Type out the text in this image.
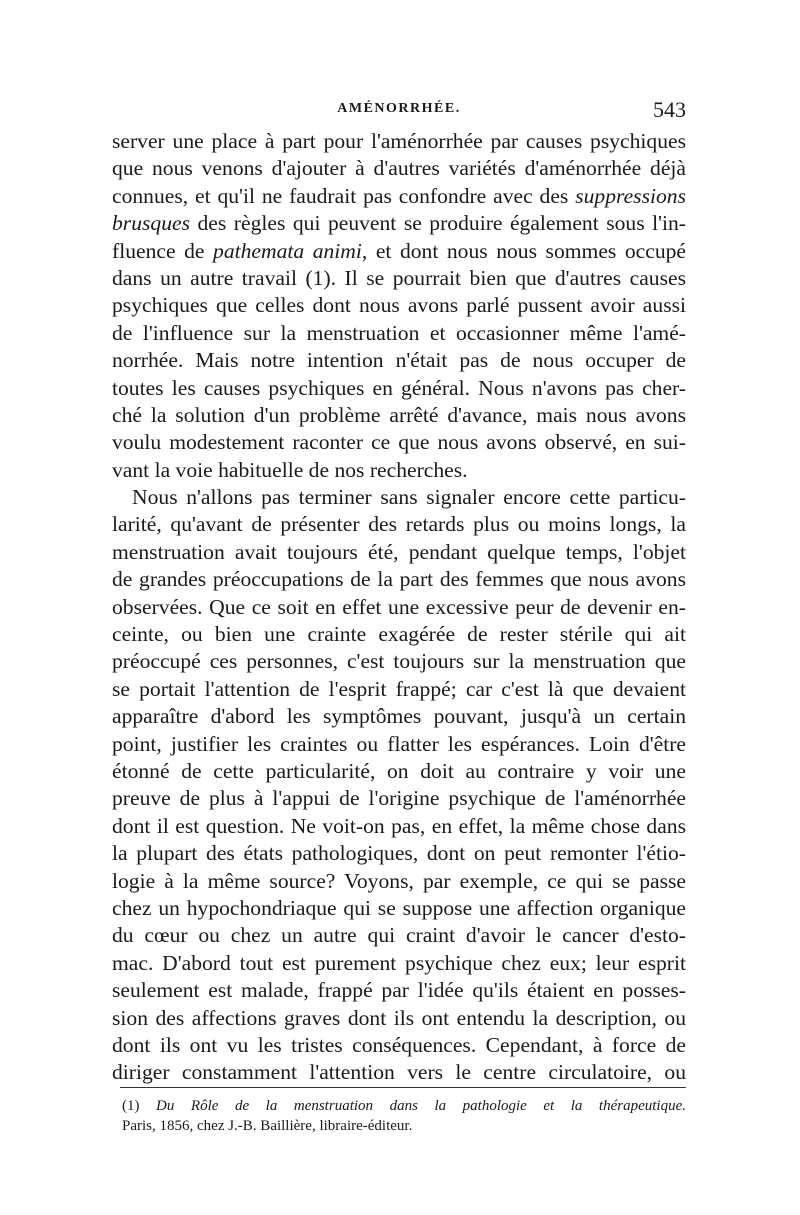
AMÉNORRHÉE.	543
server une place à part pour l'aménorrhée par causes psychiques
que nous venons d'ajouter à d'autres variétés d'aménorrhée déjà
connues, et qu'il ne faudrait pas confondre avec des suppressions
brusques des règles qui peuvent se produire également sous l'in-
fluence de pathemata animi, et dont nous nous sommes occupé
dans un autre travail (1). Il se pourrait bien que d'autres causes
psychiques que celles dont nous avons parlé pussent avoir aussi
de l'influence sur la menstruation et occasionner même l'amé-
norrhée. Mais notre intention n'était pas de nous occuper de
toutes les causes psychiques en général. Nous n'avons pas cher-
ché la solution d'un problème arrêté d'avance, mais nous avons
voulu modestement raconter ce que nous avons observé, en sui-
vant la voie habituelle de nos recherches.
Nous n'allons pas terminer sans signaler encore cette particu-
larité, qu'avant de présenter des retards plus ou moins longs, la
menstruation avait toujours été, pendant quelque temps, l'objet
de grandes préoccupations de la part des femmes que nous avons
observées. Que ce soit en effet une excessive peur de devenir en-
ceinte, ou bien une crainte exagérée de rester stérile qui ait
préoccupé ces personnes, c'est toujours sur la menstruation que
se portait l'attention de l'esprit frappé; car c'est là que devaient
apparaître d'abord les symptômes pouvant, jusqu'à un certain
point, justifier les craintes ou flatter les espérances. Loin d'être
étonné de cette particularité, on doit au contraire y voir une
preuve de plus à l'appui de l'origine psychique de l'aménorrhée
dont il est question. Ne voit-on pas, en effet, la même chose dans
la plupart des états pathologiques, dont on peut remonter l'étio-
logie à la même source? Voyons, par exemple, ce qui se passe
chez un hypochondriaque qui se suppose une affection organique
du cœur ou chez un autre qui craint d'avoir le cancer d'esto-
mac. D'abord tout est purement psychique chez eux; leur esprit
seulement est malade, frappé par l'idée qu'ils étaient en posses-
sion des affections graves dont ils ont entendu la description, ou
dont ils ont vu les tristes conséquences. Cependant, à force de
diriger constamment l'attention vers le centre circulatoire, ou
(1) Du Rôle de la menstruation dans la pathologie et la thérapeutique.
Paris, 1856, chez J.-B. Baillière, libraire-éditeur.
